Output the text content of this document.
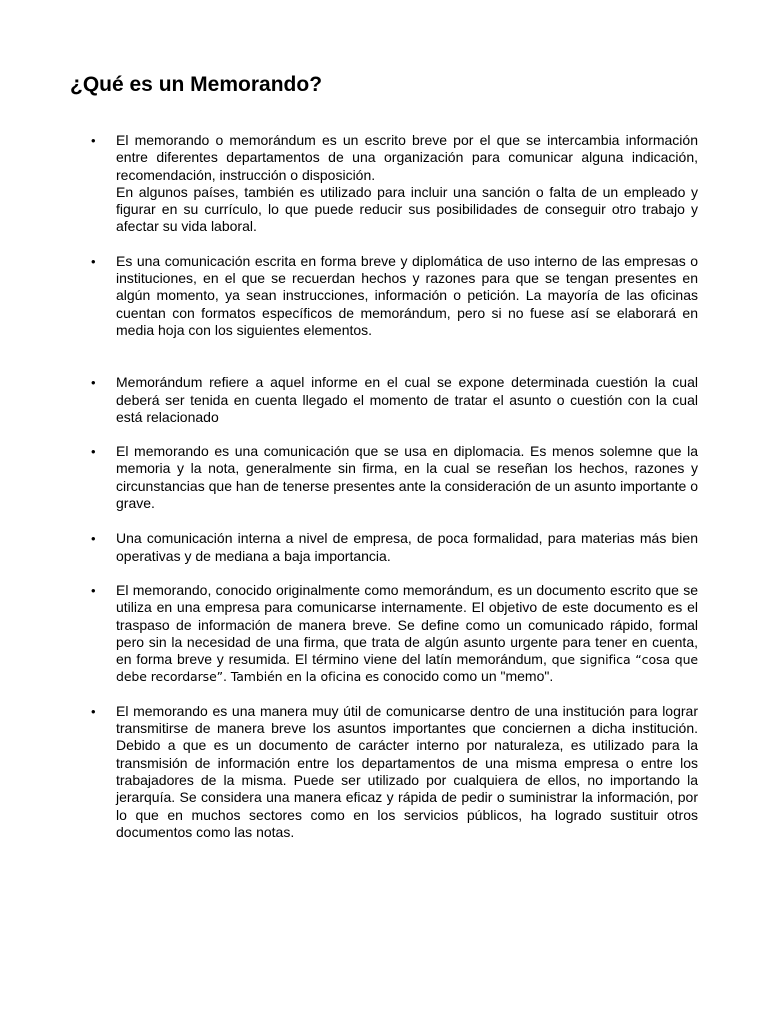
¿Qué es un Memorando?
•	El memorando o memorándum es un escrito breve por el que se intercambia información entre diferentes departamentos de una organización para comunicar alguna indicación, recomendación, instrucción o disposición.
En algunos países, también es utilizado para incluir una sanción o falta de un empleado y figurar en su currículo, lo que puede reducir sus posibilidades de conseguir otro trabajo y afectar su vida laboral.
•	Es una comunicación escrita en forma breve y diplomática de uso interno de las empresas o instituciones, en el que se recuerdan hechos y razones para que se tengan presentes en algún momento, ya sean instrucciones, información o petición. La mayoría de las oficinas cuentan con formatos específicos de memorándum, pero si no fuese así se elaborará en media hoja con los siguientes elementos.
•	Memorándum refiere a aquel informe en el cual se expone determinada cuestión la cual deberá ser tenida en cuenta llegado el momento de tratar el asunto o cuestión con la cual está relacionado
•	El memorando es una comunicación que se usa en diplomacia. Es menos solemne que la memoria y la nota, generalmente sin firma, en la cual se reseñan los hechos, razones y circunstancias que han de tenerse presentes ante la consideración de un asunto importante o grave.
•	Una comunicación interna a nivel de empresa, de poca formalidad, para materias más bien operativas y de mediana a baja importancia.
•	El memorando, conocido originalmente como memorándum, es un documento escrito que se utiliza en una empresa para comunicarse internamente. El objetivo de este documento es el traspaso de información de manera breve. Se define como un comunicado rápido, formal pero sin la necesidad de una firma, que trata de algún asunto urgente para tener en cuenta, en forma breve y resumida. El término viene del latín memorándum, que significa “cosa que debe recordarse”. También en la oficina es conocido como un "memo".
•	El memorando es una manera muy útil de comunicarse dentro de una institución para lograr transmitirse de manera breve los asuntos importantes que conciernen a dicha institución. Debido a que es un documento de carácter interno por naturaleza, es utilizado para la transmisión de información entre los departamentos de una misma empresa o entre los trabajadores de la misma. Puede ser utilizado por cualquiera de ellos, no importando la jerarquía. Se considera una manera eficaz y rápida de pedir o suministrar la información, por lo que en muchos sectores como en los servicios públicos, ha logrado sustituir otros documentos como las notas.
